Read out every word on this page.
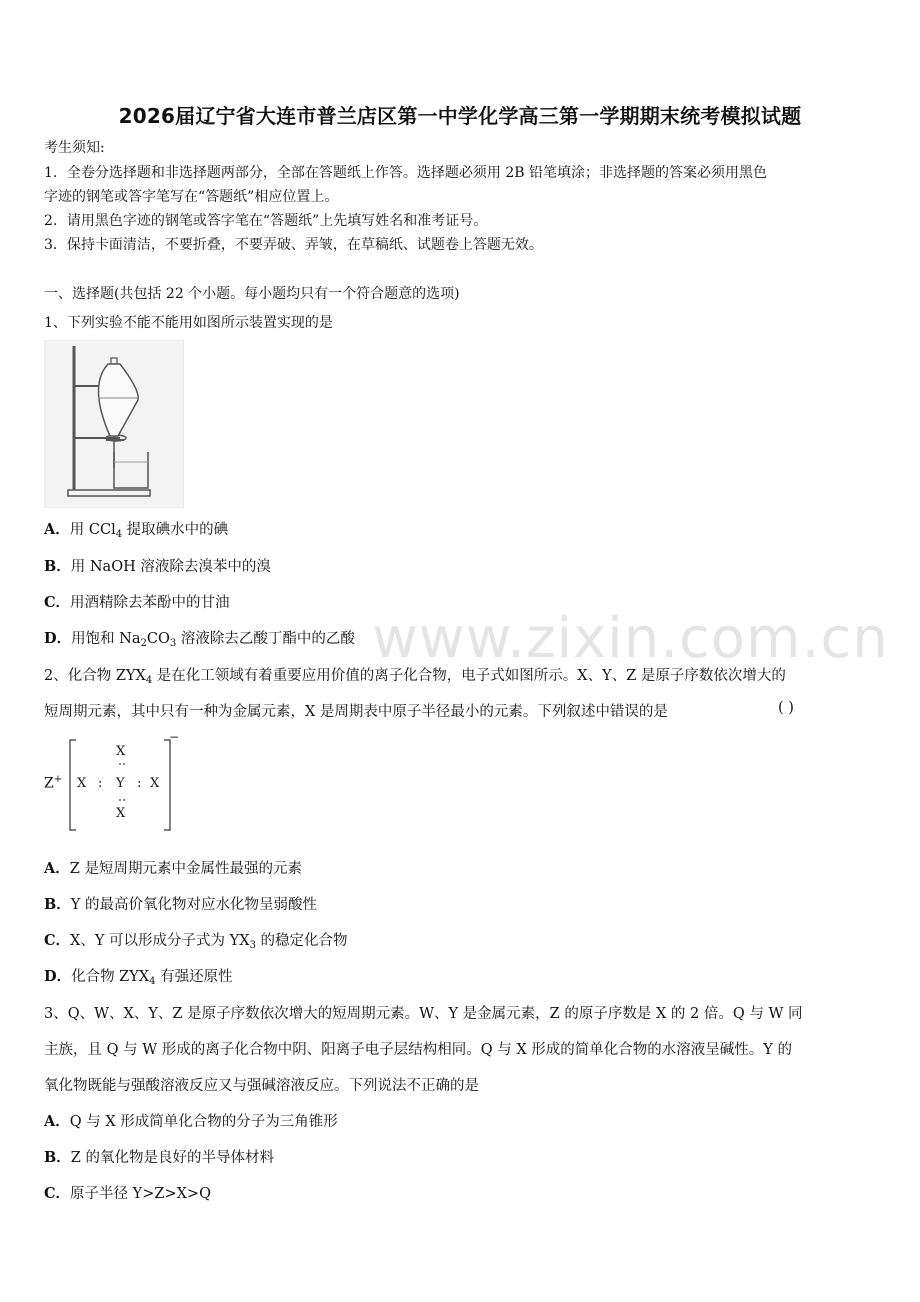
www.zixin.com.cn
2026届辽宁省大连市普兰店区第一中学化学高三第一学期期末统考模拟试题
考生须知:
1．全卷分选择题和非选择题两部分，全部在答题纸上作答。选择题必须用 2B 铅笔填涂；非选择题的答案必须用黑色
字迹的钢笔或答字笔写在“答题纸”相应位置上。
2．请用黑色字迹的钢笔或答字笔在“答题纸”上先填写姓名和准考证号。
3．保持卡面清洁，不要折叠，不要弄破、弄皱，在草稿纸、试题卷上答题无效。
一、选择题(共包括 22 个小题。每小题均只有一个符合题意的选项)
1、下列实验不能不能用如图所示装置实现的是
A．用 CCl$_4$ 提取碘水中的碘
B．用 NaOH 溶液除去溴苯中的溴
C．用酒精除去苯酚中的甘油
D．用饱和 $Na_2CO_3$ 溶液除去乙酸丁酯中的乙酸
2、化合物 $ZYX_4$ 是在化工领域有着重要应用价值的离子化合物，电子式如图所示。X、Y、Z 是原子序数依次增大的
短周期元素，其中只有一种为金属元素，X 是周期表中原子半径最小的元素。下列叙述中错误的是	( )
Z+
−
X
X : Y : X
X
A．Z 是短周期元素中金属性最强的元素
B．Y 的最高价氧化物对应水化物呈弱酸性
C．X、Y 可以形成分子式为 $YX_3$ 的稳定化合物
D．化合物 $ZYX_4$ 有强还原性
3、Q、W、X、Y、Z 是原子序数依次增大的短周期元素。W、Y 是金属元素，Z 的原子序数是 X 的 2 倍。Q 与 W 同
主族，且 Q 与 W 形成的离子化合物中阴、阳离子电子层结构相同。Q 与 X 形成的简单化合物的水溶液呈碱性。Y 的
氧化物既能与强酸溶液反应又与强碱溶液反应。下列说法不正确的是
A．Q 与 X 形成简单化合物的分子为三角锥形
B．Z 的氧化物是良好的半导体材料
C．原子半径 Y>Z>X>Q
